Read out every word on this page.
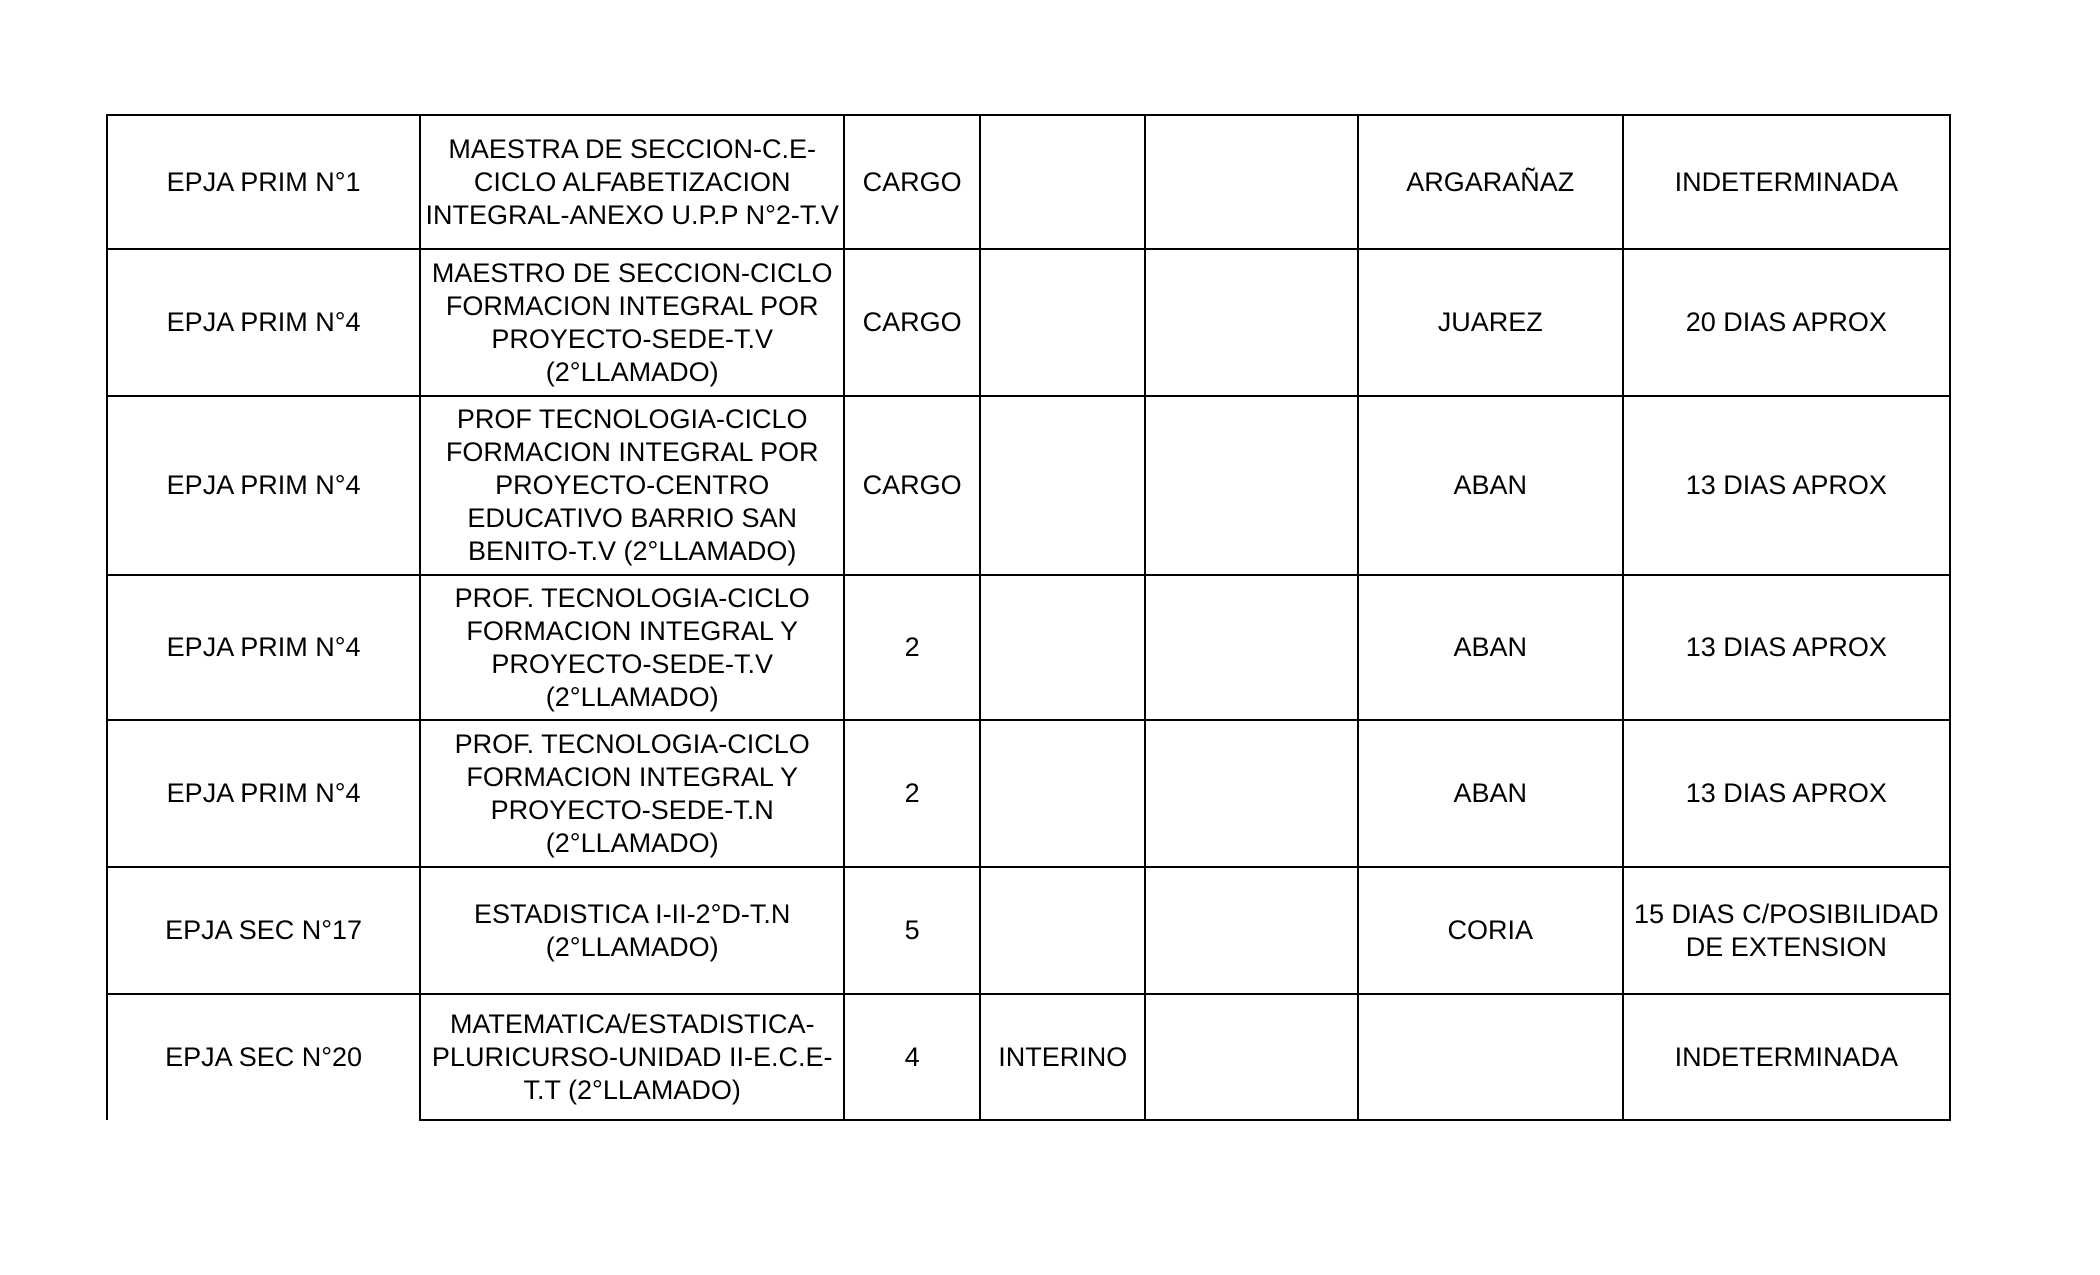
EPJA PRIM N°1	MAESTRA DE SECCION-C.E-CICLO ALFABETIZACION INTEGRAL-ANEXO U.P.P N°2-T.V	CARGO			ARGARAÑAZ	INDETERMINADA
EPJA PRIM N°4	MAESTRO DE SECCION-CICLO FORMACION INTEGRAL POR PROYECTO-SEDE-T.V (2°LLAMADO)	CARGO			JUAREZ	20 DIAS APROX
EPJA PRIM N°4	PROF TECNOLOGIA-CICLO FORMACION INTEGRAL POR PROYECTO-CENTRO EDUCATIVO BARRIO SAN BENITO-T.V (2°LLAMADO)	CARGO			ABAN	13 DIAS APROX
EPJA PRIM N°4	PROF. TECNOLOGIA-CICLO FORMACION INTEGRAL Y PROYECTO-SEDE-T.V (2°LLAMADO)	2			ABAN	13 DIAS APROX
EPJA PRIM N°4	PROF. TECNOLOGIA-CICLO FORMACION INTEGRAL Y PROYECTO-SEDE-T.N (2°LLAMADO)	2			ABAN	13 DIAS APROX
EPJA SEC N°17	ESTADISTICA I-II-2°D-T.N (2°LLAMADO)	5			CORIA	15 DIAS C/POSIBILIDAD DE EXTENSION
EPJA SEC N°20	MATEMATICA/ESTADISTICA-PLURICURSO-UNIDAD II-E.C.E-T.T (2°LLAMADO)	4	INTERINO			INDETERMINADA
